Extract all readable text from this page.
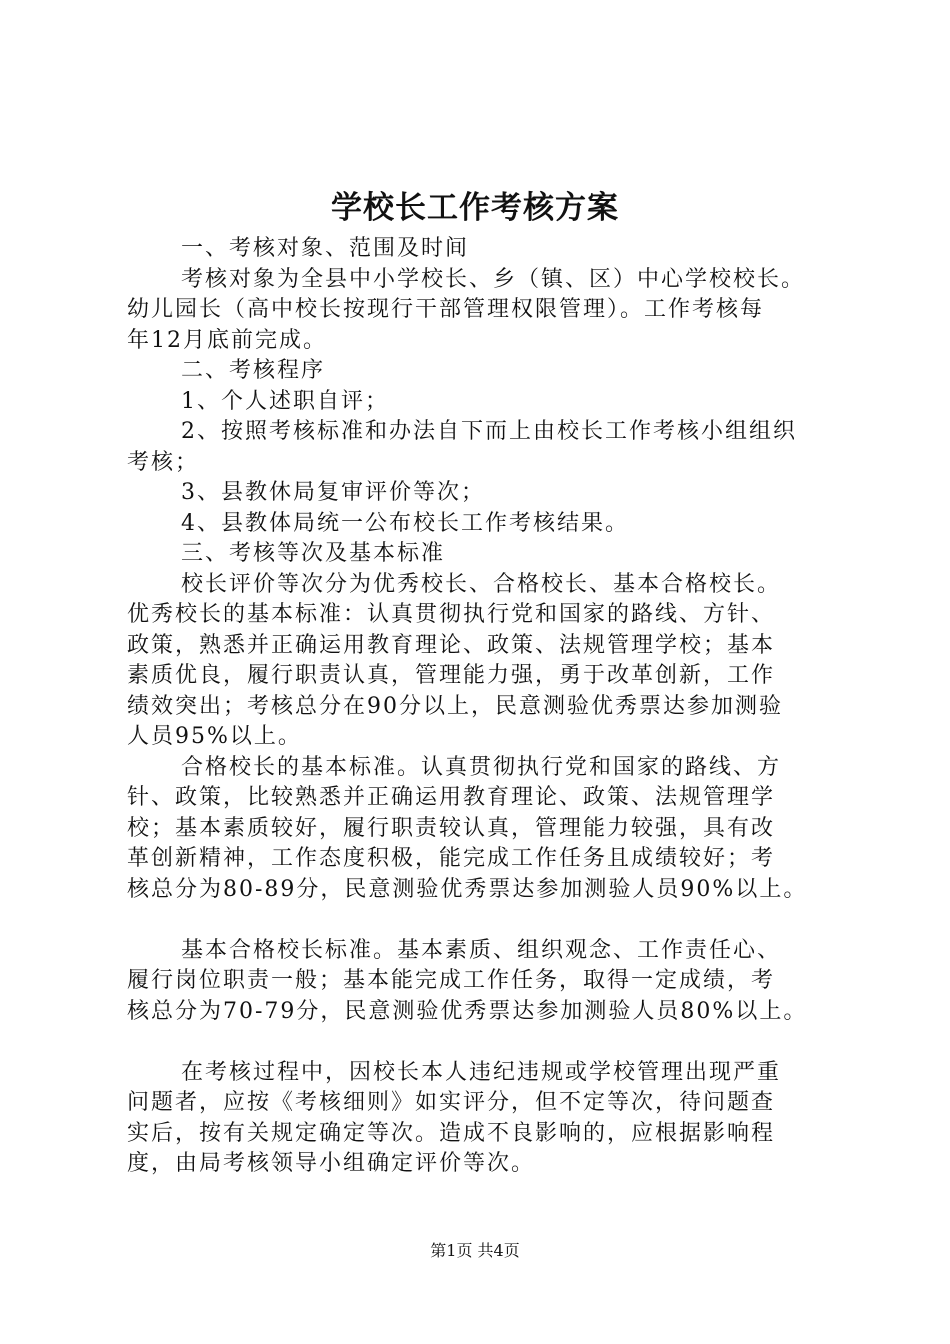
学校长工作考核方案
一、考核对象、范围及时间
考核对象为全县中小学校长、乡（镇、区）中心学校校长。
幼儿园长（高中校长按现行干部管理权限管理）。工作考核每
年12月底前完成。
二、考核程序
1、个人述职自评；
2、按照考核标准和办法自下而上由校长工作考核小组组织
考核；
3、县教休局复审评价等次；
4、县教体局统一公布校长工作考核结果。
三、考核等次及基本标准
校长评价等次分为优秀校长、合格校长、基本合格校长。
优秀校长的基本标准：认真贯彻执行党和国家的路线、方针、
政策，熟悉并正确运用教育理论、政策、法规管理学校；基本
素质优良，履行职责认真，管理能力强，勇于改革创新，工作
绩效突出；考核总分在90分以上，民意测验优秀票达参加测验
人员95%以上。
合格校长的基本标准。认真贯彻执行党和国家的路线、方
针、政策，比较熟悉并正确运用教育理论、政策、法规管理学
校；基本素质较好，履行职责较认真，管理能力较强，具有改
革创新精神，工作态度积极，能完成工作任务且成绩较好；考
核总分为80-89分，民意测验优秀票达参加测验人员90%以上。
基本合格校长标准。基本素质、组织观念、工作责任心、
履行岗位职责一般；基本能完成工作任务，取得一定成绩，考
核总分为70-79分，民意测验优秀票达参加测验人员80%以上。
在考核过程中，因校长本人违纪违规或学校管理出现严重
问题者，应按《考核细则》如实评分，但不定等次，待问题查
实后，按有关规定确定等次。造成不良影响的，应根据影响程
度，由局考核领导小组确定评价等次。
第1页 共4页
